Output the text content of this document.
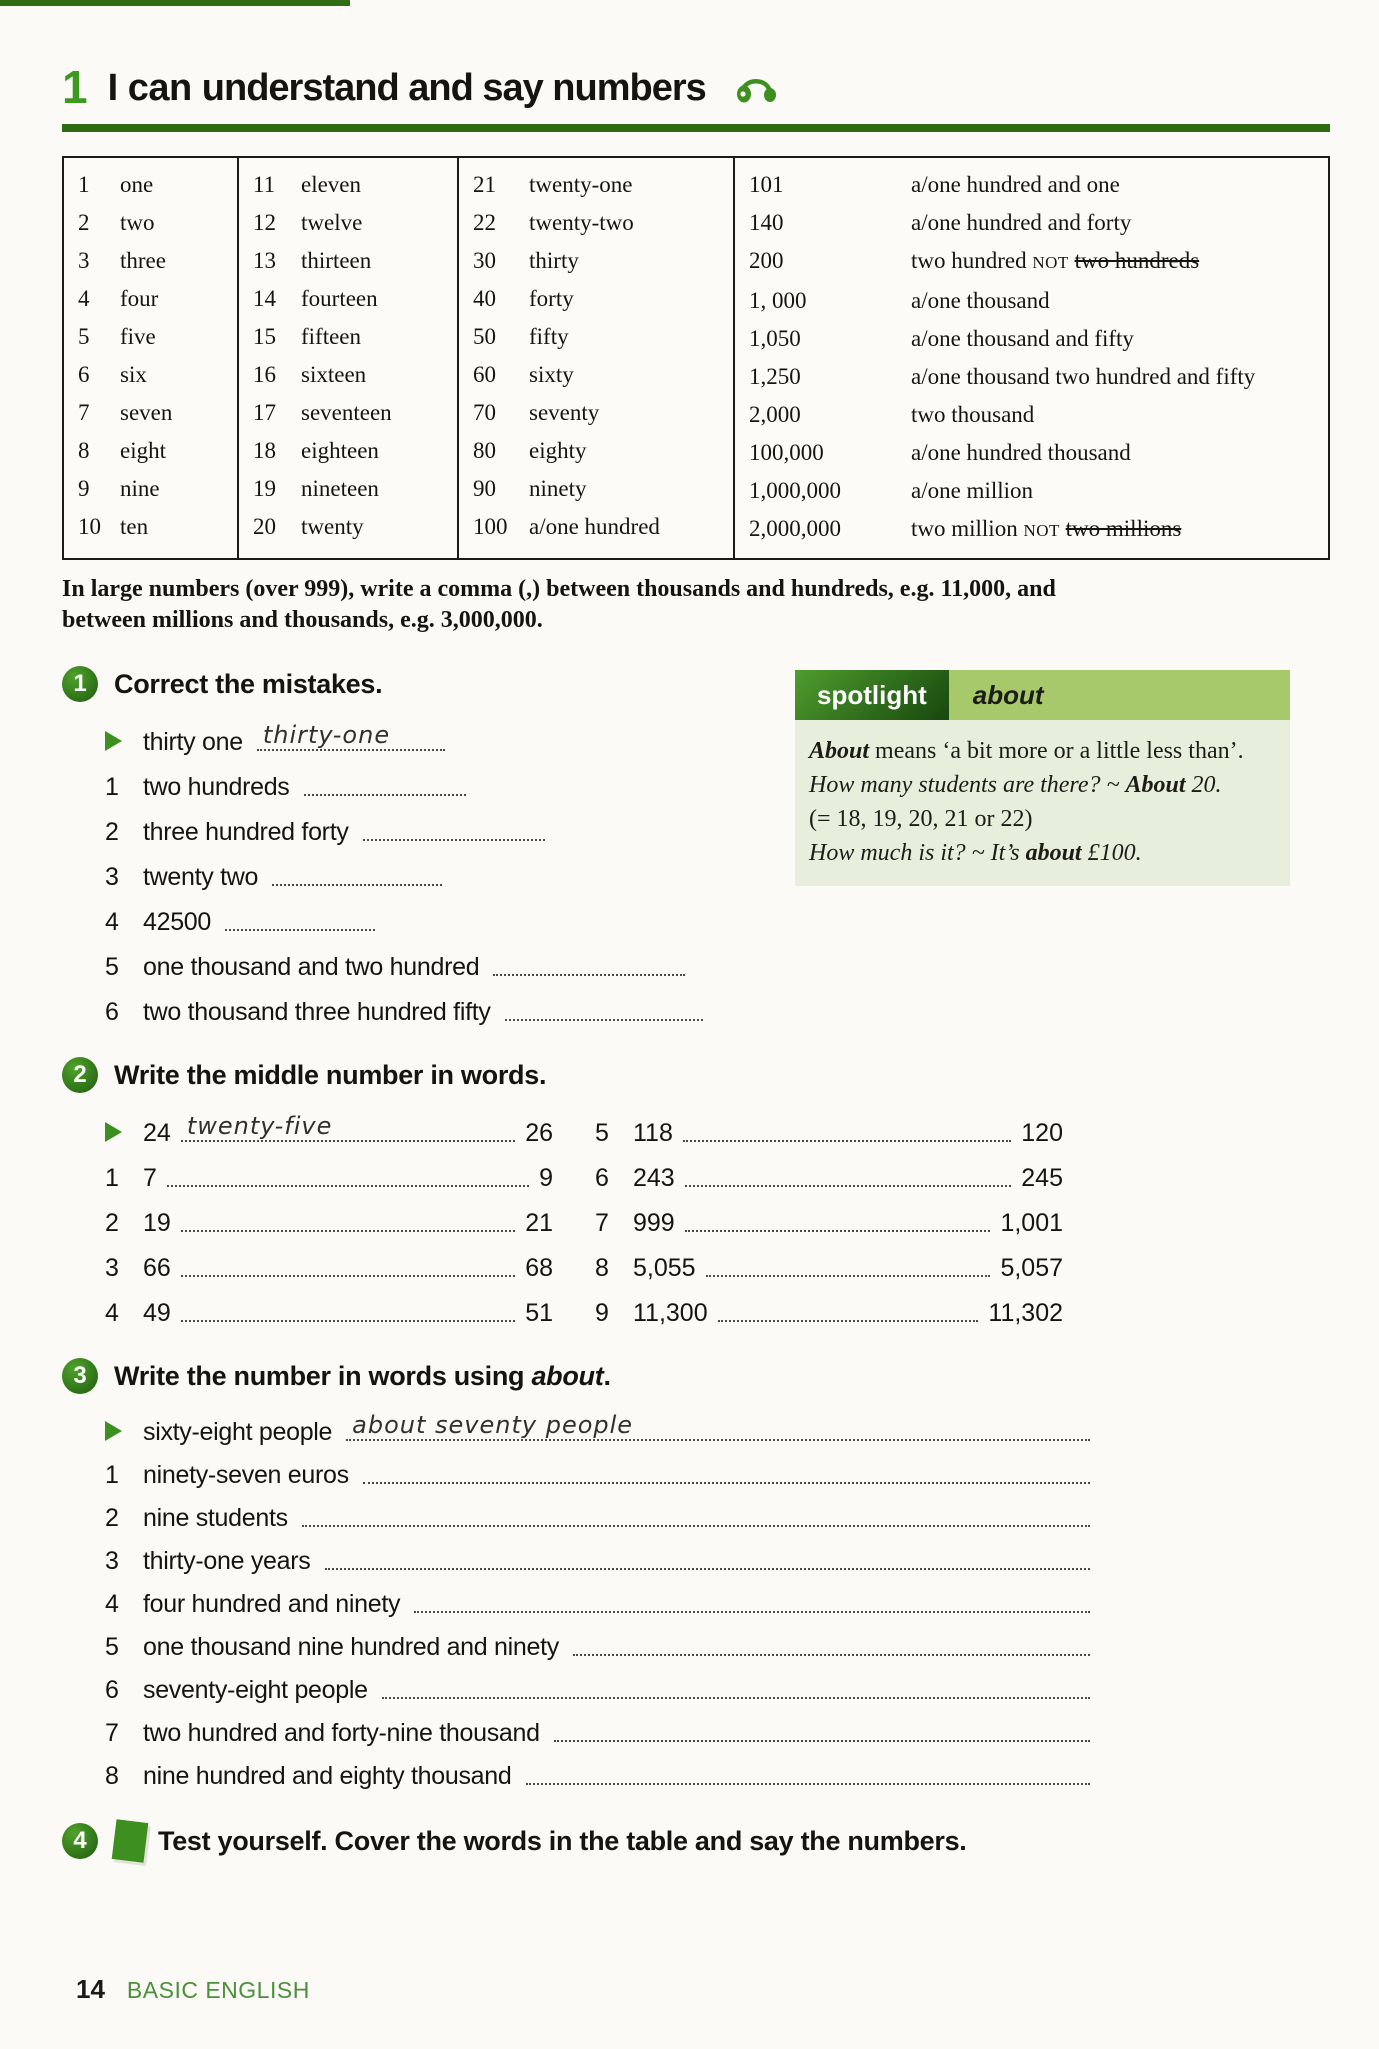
1 I can understand and say numbers
1	one
2	two
3	three
4	four
5	five
6	six
7	seven
8	eight
9	nine
10 ten
11	eleven
12	twelve
13	thirteen
14	fourteen
15	fifteen
16	sixteen
17	seventeen
18	eighteen
19	nineteen
20	twenty
21	twenty-one
22	twenty-two
30	thirty
40	forty
50	fifty
60	sixty
70	seventy
80	eighty
90	ninety
100 a/one hundred
101	a/one hundred and one
140	a/one hundred and forty
200	two hundred NOT two hundreds
1, 000	a/one thousand
1,050	a/one thousand and fifty
1,250	a/one thousand two hundred and fifty
2,000	two thousand
100,000	a/one hundred thousand
1,000,000	a/one million
2,000,000	two million NOT two millions

In large numbers (over 999), write a comma (,) between thousands and hundreds, e.g. 11,000, and
between millions and thousands, e.g. 3,000,000.

1	Correct the mistakes.
thirty one thirty-one
1 two hundreds
2 three hundred forty
3 twenty two
4 42500
5 one thousand and two hundred
6 two thousand three hundred fifty
spotlight	about

About means ‘a bit more or a little less than’.

How many students are there? ~ About 20.

(= 18, 19, 20, 21 or 22)

How much is it? ~ It’s about £100.

2	Write the middle number in words.
24 twenty-five	26
1 7	9
2 19	21
3 66	68
4 49	51
5 118	120
6 243	245
7 999	1,001
8 5,055	5,057
9 11,300	11,302
3	Write the number in words using about.
sixty-eight people about seventy people
1 ninety-seven euros
2 nine students
3 thirty-one years
4 four hundred and ninety
5 one thousand nine hundred and ninety
6 seventy-eight people
7 two hundred and forty-nine thousand
8 nine hundred and eighty thousand
4	Test yourself. Cover the words in the table and say the numbers.
14 BASIC ENGLISH
